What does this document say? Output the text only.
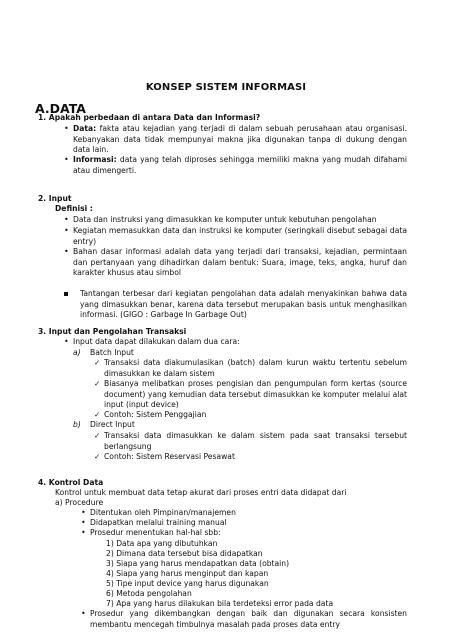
KONSEP SISTEM INFORMASI
A.DATA
1. Apakah perbedaan di antara Data dan Informasi?
• Data: fakta atau kejadian yang terjadi di dalam sebuah perusahaan atau organisasi. Kebanyakan data tidak mempunyai makna jika digunakan tanpa di dukung dengan data lain.
• Informasi: data yang telah diproses sehingga memiliki makna yang mudah difahami atau dimengerti.
2. Input
Definisi :
• Data dan instruksi yang dimasukkan ke komputer untuk kebutuhan pengolahan
• Kegiatan memasukkan data dan instruksi ke komputer (seringkali disebut sebagai data entry)
• Bahan dasar informasi adalah data yang terjadi dari transaksi, kejadian, permintaan dan pertanyaan yang dihadirkan dalam bentuk: Suara, image, teks, angka, huruf dan karakter khusus atau simbol
Tantangan terbesar dari kegiatan pengolahan data adalah menyakinkan bahwa data yang dimasukkan benar, karena data tersebut merupakan basis untuk menghasilkan informasi. (GIGO : Garbage In Garbage Out)
3. Input dan Pengolahan Transaksi
• Input data dapat dilakukan dalam dua cara:
a) Batch Input
✓ Transaksi data diakumulasikan (batch) dalam kurun waktu tertentu sebelum dimasukkan ke dalam sistem
✓ Biasanya melibatkan proses pengisian dan pengumpulan form kertas (source document) yang kemudian data tersebut dimasukkan ke komputer melalui alat input (input device)
✓ Contoh: Sistem Penggajian
b) Direct Input
✓ Transaksi data dimasukkan ke dalam sistem pada saat transaksi tersebut berlangsung
✓ Contoh: Sistem Reservasi Pesawat
4. Kontrol Data
Kontrol untuk membuat data tetap akurat dari proses entri data didapat dari
a) Procedure
• Ditentukan oleh Pimpinan/manajemen
• Didapatkan melalui training manual
• Prosedur menentukan hal-hal sbb:
1) Data apa yang dibutuhkan
2) Dimana data tersebut bisa didapatkan
3) Siapa yang harus mendapatkan data (obtain)
4) Siapa yang harus menginput dan kapan
5) Tipe input device yang harus digunakan
6) Metoda pengolahan
7) Apa yang harus dilakukan bila terdeteksi error pada data
• Prosedur yang dikembangkan dengan baik dan digunakan secara konsisten membantu mencegah timbulnya masalah pada proses data entry
